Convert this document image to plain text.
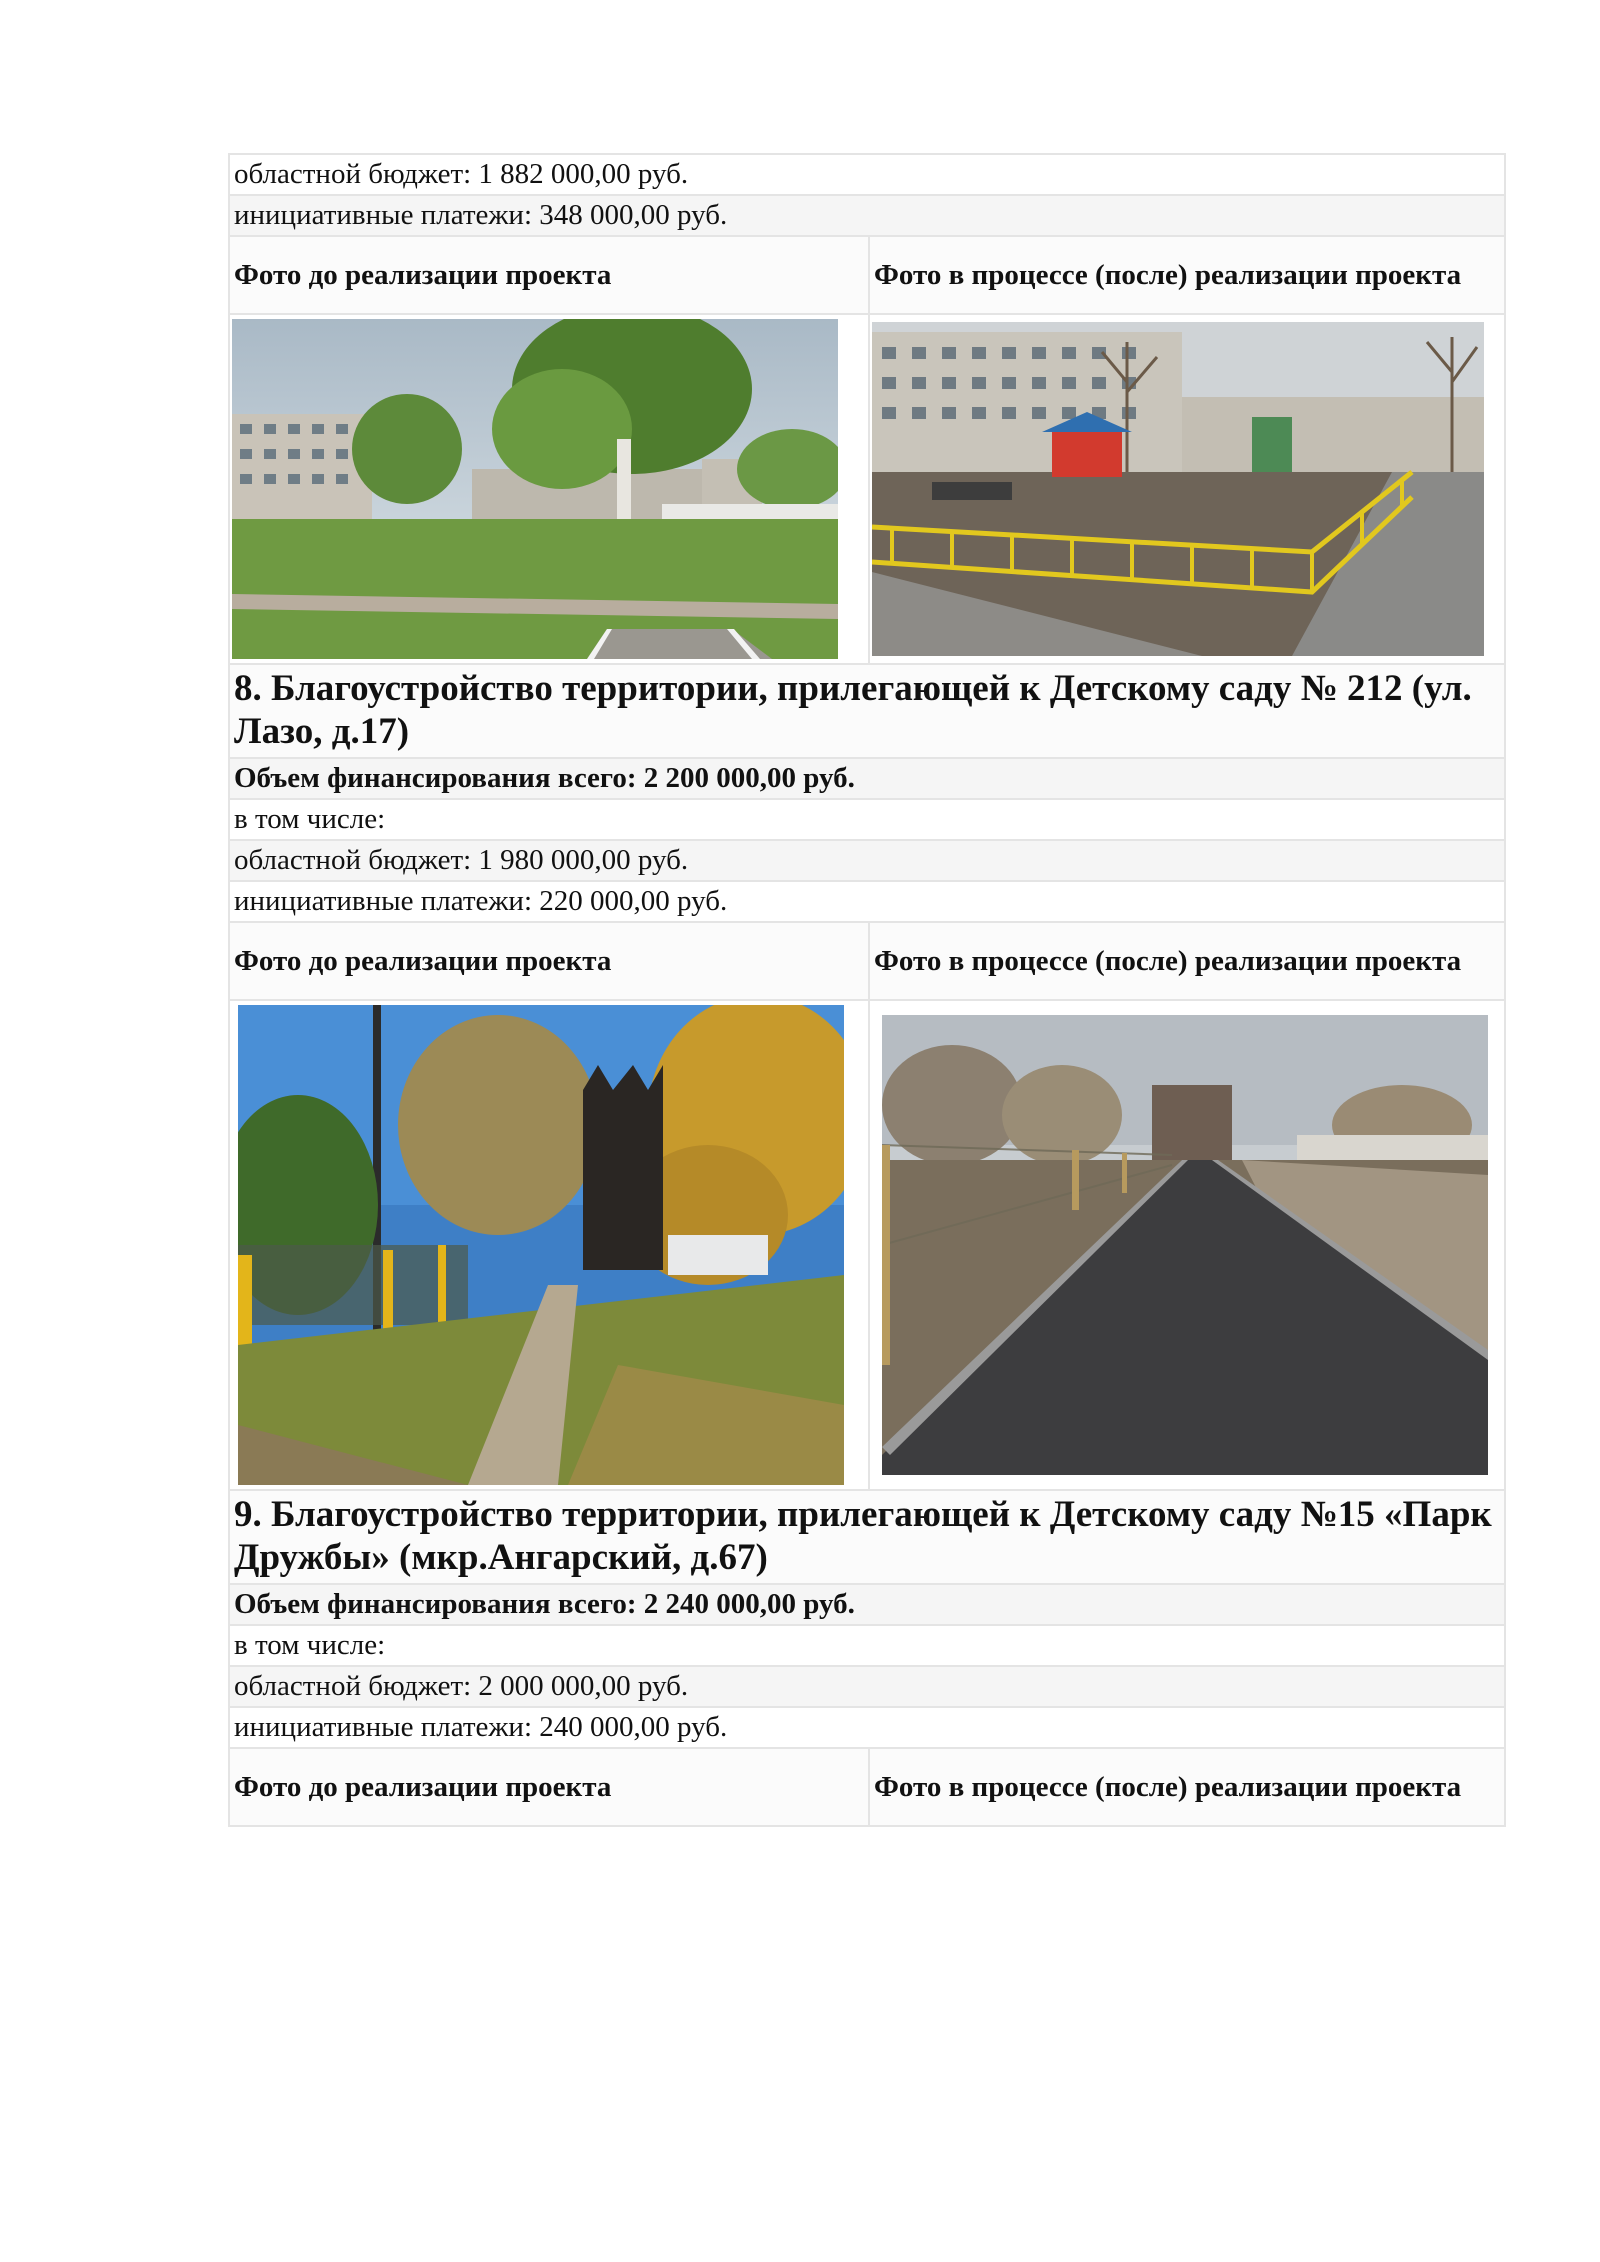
областной бюджет: 1 882 000,00 руб.	
инициативные платежи: 348 000,00 руб.	
Фото до реализации проекта	Фото в процессе (после) реализации проекта

8. Благоустройство территории, прилегающей к Детскому саду № 212 (ул. Лазо, д.17)	
Объем финансирования всего: 2 200 000,00 руб.	
в том числе:	
областной бюджет: 1 980 000,00 руб.	
инициативные платежи: 220 000,00 руб.	
Фото до реализации проекта	Фото в процессе (после) реализации проекта

9. Благоустройство территории, прилегающей к Детскому саду №15 «Парк Дружбы» (мкр.Ангарский, д.67)	
Объем финансирования всего: 2 240 000,00 руб.	
в том числе:	
областной бюджет: 2 000 000,00 руб.	
инициативные платежи: 240 000,00 руб.	
Фото до реализации проекта	Фото в процессе (после) реализации проекта
